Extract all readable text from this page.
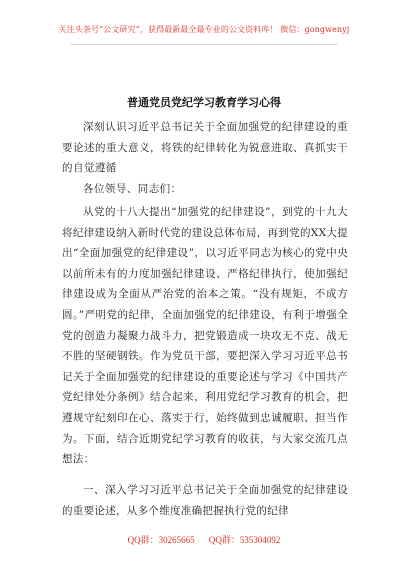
关注头条号“公文研究”，获得最新最全最专业的公文资料库！ 微信：gongwenyj
普通党员党纪学习教育学习心得

深刻认识习近平总书记关于全面加强党的纪律建设的重要论述的重大意义，将铁的纪律转化为锐意进取、真抓实干的自觉遵循

各位领导、同志们：

从党的十八大提出“加强党的纪律建设”，到党的十九大将纪律建设纳入新时代党的建设总体布局，再到党的XX大提出“全面加强党的纪律建设”，以习近平同志为核心的党中央以前所未有的力度加强纪律建设、严格纪律执行，使加强纪律建设成为全面从严治党的治本之策。“没有规矩，不成方圆。”严明党的纪律，全面加强党的纪律建设，有利于增强全党的创造力凝聚力战斗力，把党锻造成一块攻无不克、战无不胜的坚硬钢铁。作为党员干部，要把深入学习习近平总书记关于全面加强党的纪律建设的重要论述与学习《中国共产党纪律处分条例》结合起来，利用党纪学习教育的机会，把遵规守纪刻印在心、落实于行，始终做到忠诚履职、担当作为。下面，结合近期党纪学习教育的收获，与大家交流几点想法：

一、深入学习习近平总书记关于全面加强党的纪律建设的重要论述，从多个维度准确把握执行党的纪律

QQ群：30265665 QQ群：535304092
